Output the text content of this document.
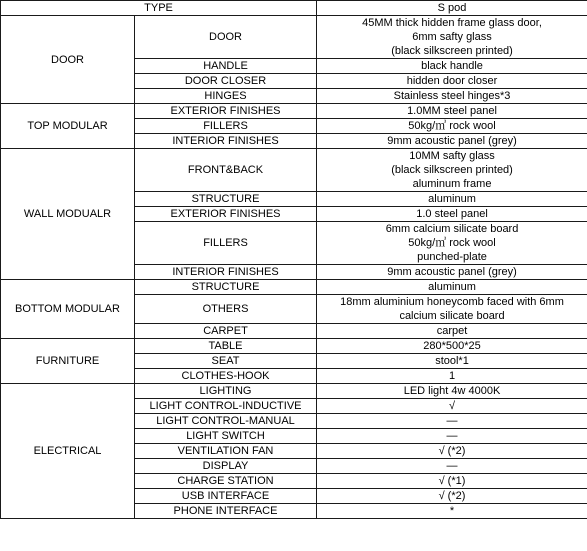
TYPE		S pod
DOOR	DOOR	45MM thick hidden frame glass door,
6mm safty glass
(black silkscreen printed)
	HANDLE	black handle
	DOOR CLOSER	hidden door closer
	HINGES	Stainless steel hinges*3
TOP MODULAR	EXTERIOR FINISHES	1.0MM steel panel
	FILLERS	50kg/㎥ rock wool
	INTERIOR FINISHES	9mm acoustic panel (grey)
WALL MODUALR	FRONT&BACK	10MM safty glass
(black silkscreen printed)
aluminum frame
	STRUCTURE	aluminum
	EXTERIOR FINISHES	1.0 steel panel
	FILLERS	6mm calcium silicate board
50kg/㎥ rock wool
punched-plate
	INTERIOR FINISHES	9mm acoustic panel (grey)
BOTTOM MODULAR	STRUCTURE	aluminum
	OTHERS	18mm aluminium honeycomb faced with 6mm
calcium silicate board
	CARPET	carpet
FURNITURE	TABLE	280*500*25
	SEAT	stool*1
	CLOTHES-HOOK	1
ELECTRICAL	LIGHTING	LED light 4w 4000K
	LIGHT CONTROL-INDUCTIVE	√
	LIGHT CONTROL-MANUAL	—
	LIGHT SWITCH	—
	VENTILATION FAN	√ (*2)
	DISPLAY	—
	CHARGE STATION	√ (*1)
	USB INTERFACE	√ (*2)
	PHONE INTERFACE	*
